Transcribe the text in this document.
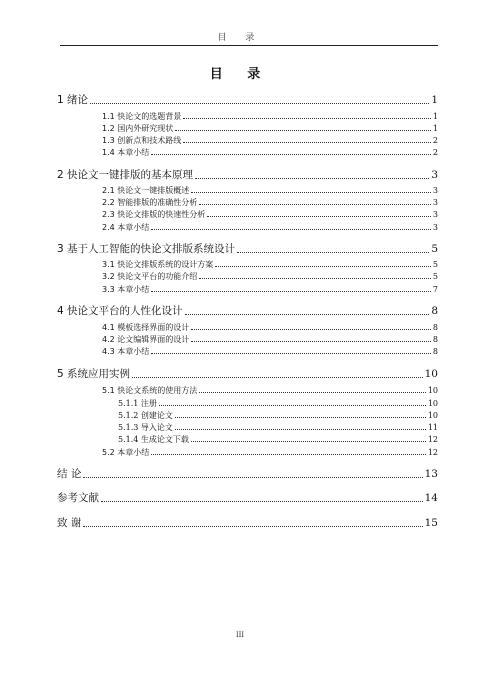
目 录
目 录
1 绪论	1
1.1 快论文的选题背景	1
1.2 国内外研究现状	1
1.3 创新点和技术路线	2
1.4 本章小结	2
2 快论文一键排版的基本原理	3
2.1 快论文一键排版概述	3
2.2 智能排版的准确性分析	3
2.3 快论文排版的快速性分析	3
2.4 本章小结	3
3 基于人工智能的快论文排版系统设计	5
3.1 快论文排版系统的设计方案	5
3.2 快论文平台的功能介绍	5
3.3 本章小结	7
4 快论文平台的人性化设计	8
4.1 模板选择界面的设计	8
4.2 论文编辑界面的设计	8
4.3 本章小结	8
5 系统应用实例	10
5.1 快论文系统的使用方法	10
5.1.1 注册	10
5.1.2 创建论文	10
5.1.3 导入论文	11
5.1.4 生成论文下载	12
5.2 本章小结	12
结 论	13
参考文献	14
致 谢	15
III
